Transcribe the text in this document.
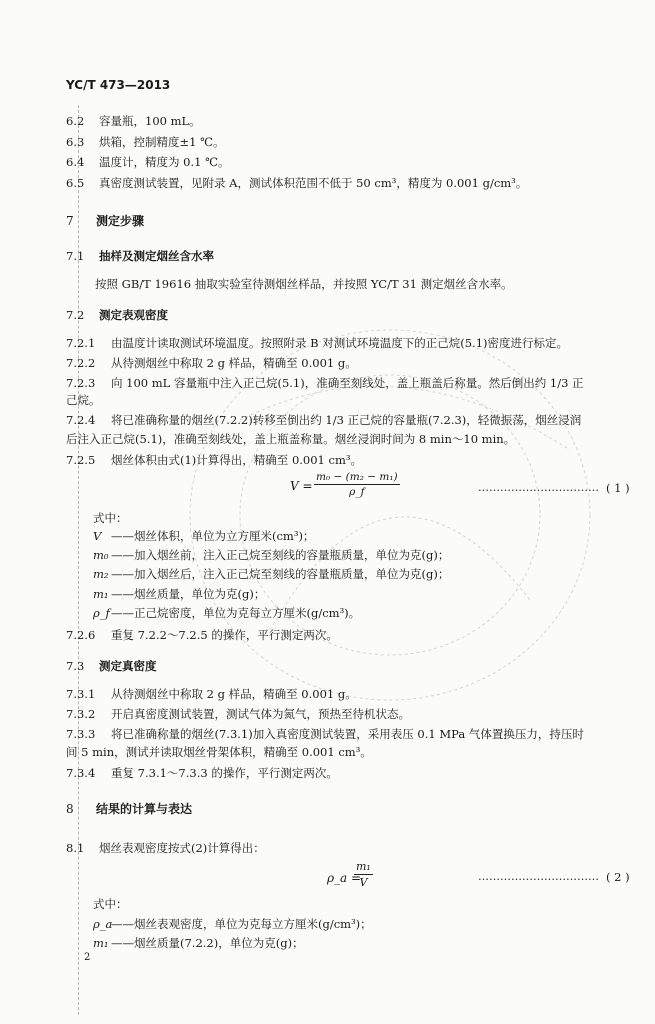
YC/T 473—2013
6.2 容量瓶，100 mL。
6.3 烘箱，控制精度±1 ℃。
6.4 温度计，精度为 0.1 ℃。
6.5 真密度测试装置，见附录 A，测试体积范围不低于 50 cm³，精度为 0.001 g/cm³。
7 测定步骤
7.1 抽样及测定烟丝含水率
按照 GB/T 19616 抽取实验室待测烟丝样品，并按照 YC/T 31 测定烟丝含水率。
7.2 测定表观密度
7.2.1 由温度计读取测试环境温度。按照附录 B 对测试环境温度下的正己烷(5.1)密度进行标定。
7.2.2 从待测烟丝中称取 2 g 样品，精确至 0.001 g。
7.2.3 向 100 mL 容量瓶中注入正己烷(5.1)，准确至刻线处，盖上瓶盖后称量。然后倒出约 1/3 正
己烷。
7.2.4 将已准确称量的烟丝(7.2.2)转移至倒出约 1/3 正己烷的容量瓶(7.2.3)，轻微振荡，烟丝浸润
后注入正己烷(5.1)，准确至刻线处，盖上瓶盖称量。烟丝浸润时间为 8 min～10 min。
7.2.5 烟丝体积由式(1)计算得出，精确至 0.001 cm³。
$V = \frac{\text{m₀ − (m₂ − m₁)}}{\rho\_f}$	…………………………… ( 1 )
式中：
V ——烟丝体积，单位为立方厘米(cm³)；
m₀ ——加入烟丝前，注入正己烷至刻线的容量瓶质量，单位为克(g)；
m₂ ——加入烟丝后，注入正己烷至刻线的容量瓶质量，单位为克(g)；
m₁ ——烟丝质量，单位为克(g)；
ρ_f——正己烷密度，单位为克每立方厘米(g/cm³)。
7.2.6 重复 7.2.2～7.2.5 的操作，平行测定两次。
7.3 测定真密度
7.3.1 从待测烟丝中称取 2 g 样品，精确至 0.001 g。
7.3.2 开启真密度测试装置，测试气体为氮气，预热至待机状态。
7.3.3 将已准确称量的烟丝(7.3.1)加入真密度测试装置，采用表压 0.1 MPa 气体置换压力，持压时
间 5 min，测试并读取烟丝骨架体积，精确至 0.001 cm³。
7.3.4 重复 7.3.1～7.3.3 的操作，平行测定两次。
8 结果的计算与表达
8.1 烟丝表观密度按式(2)计算得出：
ρ_a =
$\frac{\text{m₁}}{V}$	…………………………… ( 2 )
式中：
ρ_a——烟丝表观密度，单位为克每立方厘米(g/cm³)；
m₁ ——烟丝质量(7.2.2)，单位为克(g)；
2
